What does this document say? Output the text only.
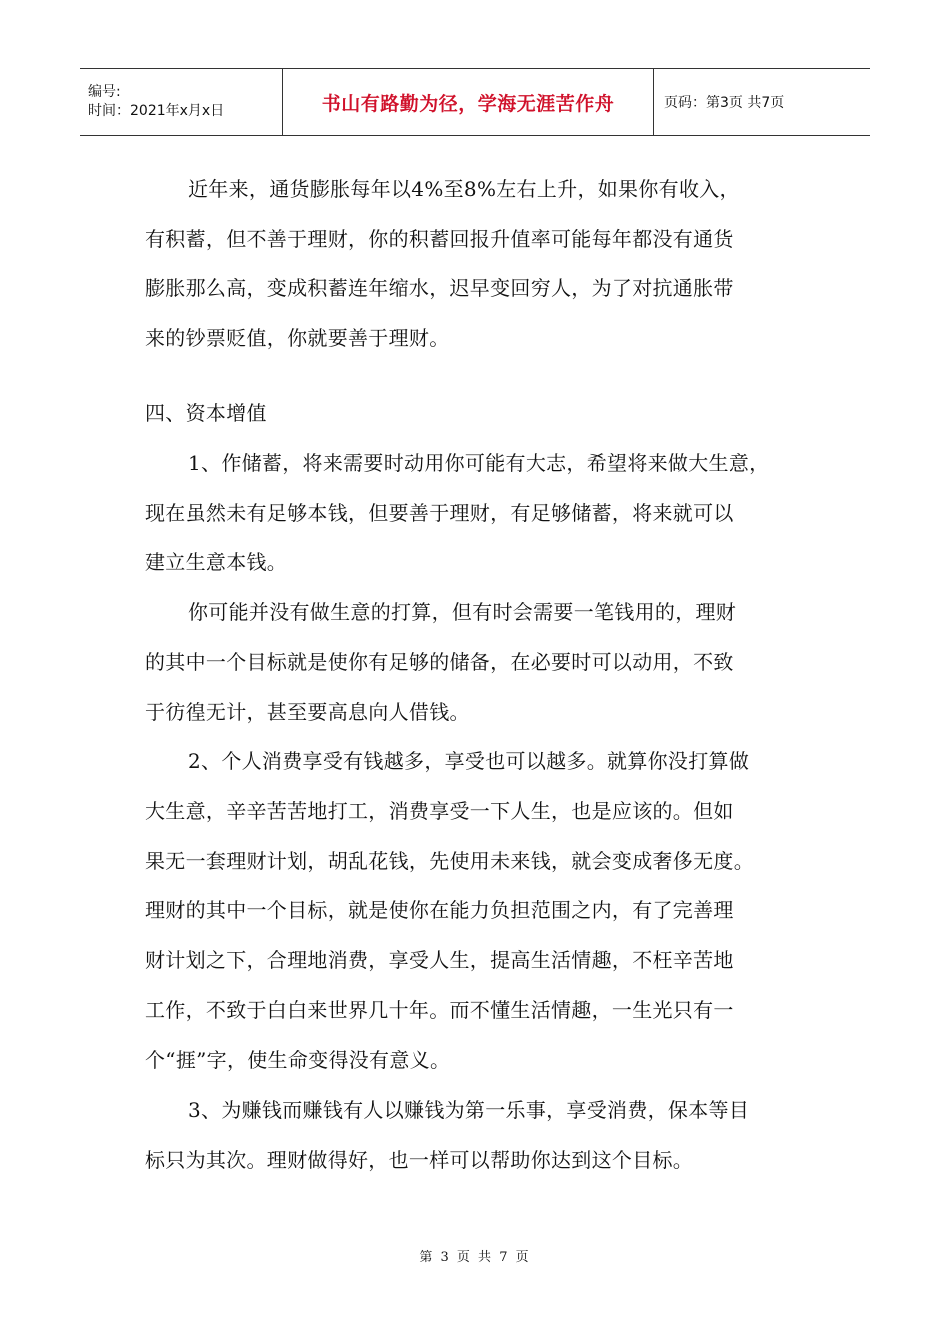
编号:
时间：2021年x月x日	书山有路勤为径，学海无涯苦作舟	页码：第3页 共7页
近年来，通货膨胀每年以4%至8%左右上升，如果你有收入，
有积蓄，但不善于理财，你的积蓄回报升值率可能每年都没有通货
膨胀那么高，变成积蓄连年缩水，迟早变回穷人，为了对抗通胀带
来的钞票贬值，你就要善于理财。
四、资本增值
1、作储蓄，将来需要时动用你可能有大志，希望将来做大生意，
现在虽然未有足够本钱，但要善于理财，有足够储蓄，将来就可以
建立生意本钱。
你可能并没有做生意的打算，但有时会需要一笔钱用的，理财
的其中一个目标就是使你有足够的储备，在必要时可以动用，不致
于彷徨无计，甚至要高息向人借钱。
2、个人消费享受有钱越多，享受也可以越多。就算你没打算做
大生意，辛辛苦苦地打工，消费享受一下人生，也是应该的。但如
果无一套理财计划，胡乱花钱，先使用未来钱，就会变成奢侈无度。
理财的其中一个目标，就是使你在能力负担范围之内，有了完善理
财计划之下，合理地消费，享受人生，提高生活情趣，不枉辛苦地
工作，不致于白白来世界几十年。而不懂生活情趣，一生光只有一
个“捱”字，使生命变得没有意义。
3、为赚钱而赚钱有人以赚钱为第一乐事，享受消费，保本等目
标只为其次。理财做得好，也一样可以帮助你达到这个目标。
第 3 页 共 7 页
